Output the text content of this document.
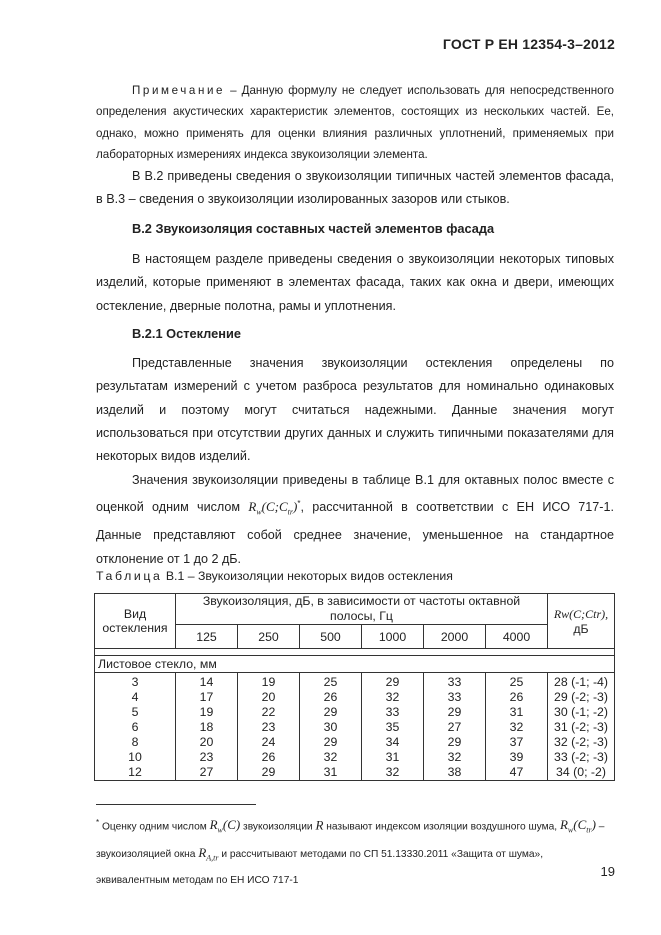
ГОСТ Р ЕН 12354-3–2012
Примечание – Данную формулу не следует использовать для непосредственного определения акустических характеристик элементов, состоящих из нескольких частей. Ее, однако, можно применять для оценки влияния различных уплотнений, применяемых при лабораторных измерениях индекса звукоизоляции элемента.
В В.2 приведены сведения о звукоизоляции типичных частей элементов фасада, в В.3 – сведения о звукоизоляции изолированных зазоров или стыков.
В.2 Звукоизоляция составных частей элементов фасада
В настоящем разделе приведены сведения о звукоизоляции некоторых типовых изделий, которые применяют в элементах фасада, таких как окна и двери, имеющих остекление, дверные полотна, рамы и уплотнения.
В.2.1 Остекление
Представленные значения звукоизоляции остекления определены по результатам измерений с учетом разброса результатов для номинально одинаковых изделий и поэтому могут считаться надежными. Данные значения могут использоваться при отсутствии других данных и служить типичными показателями для некоторых видов изделий.
Значения звукоизоляции приведены в таблице В.1 для октавных полос вместе с оценкой одним числом $R_w(C;C_{tr})^*$, рассчитанной в соответствии с ЕН ИСО 717-1. Данные представляют собой среднее значение, уменьшенное на стандартное отклонение от 1 до 2 дБ.
Таблица В.1 – Звукоизоляции некоторых видов остекления
Вид остекления	Звукоизоляция, дБ, в зависимости от частоты октавной полосы, Гц						Rw(C;Ctr),
дБ

	125	250	500	1000	2000	4000	

Листовое стекло, мм							
3	14	19	25	29	33	25	28 (-1; -4)
4	17	20	26	32	33	26	29 (-2; -3)
5	19	22	29	33	29	31	30 (-1; -2)
6	18	23	30	35	27	32	31 (-2; -3)
8	20	24	29	34	29	37	32 (-2; -3)
10	23	26	32	31	32	39	33 (-2; -3)
12	27	29	31	32	38	47	34 (0; -2)
* Оценку одним числом $R_w(C)$ звукоизоляции R называют индексом изоляции воздушного шума, $R_w(C_{tr})$ – звукоизоляцией окна $R_{A,tr}$ и рассчитывают методами по СП 51.13330.2011 «Защита от шума», эквивалентным методам по ЕН ИСО 717-1
19
